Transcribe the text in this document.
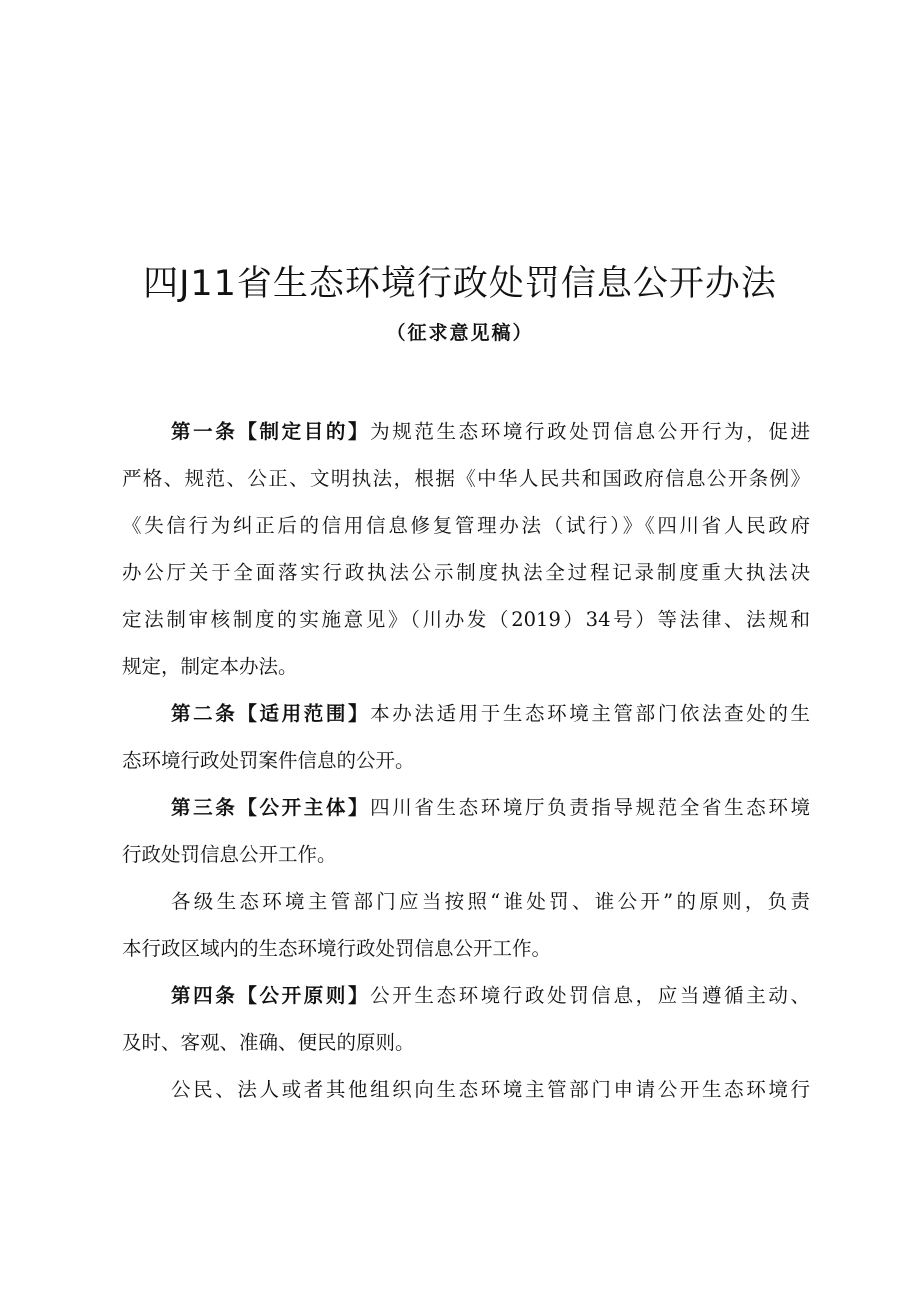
四J11省生态环境行政处罚信息公开办法
（征求意见稿）
第一条【制定目的】为规范生态环境行政处罚信息公开行为，促进
严格、规范、公正、文明执法，根据《中华人民共和国政府信息公开条例》
《失信行为纠正后的信用信息修复管理办法（试行）》《四川省人民政府
办公厅关于全面落实行政执法公示制度执法全过程记录制度重大执法决
定法制审核制度的实施意见》（川办发（2019）34号）等法律、法规和
规定，制定本办法。
第二条【适用范围】本办法适用于生态环境主管部门依法查处的生
态环境行政处罚案件信息的公开。
第三条【公开主体】四川省生态环境厅负责指导规范全省生态环境
行政处罚信息公开工作。
各级生态环境主管部门应当按照“谁处罚、谁公开”的原则，负责
本行政区域内的生态环境行政处罚信息公开工作。
第四条【公开原则】公开生态环境行政处罚信息，应当遵循主动、
及时、客观、准确、便民的原则。
公民、法人或者其他组织向生态环境主管部门申请公开生态环境行
